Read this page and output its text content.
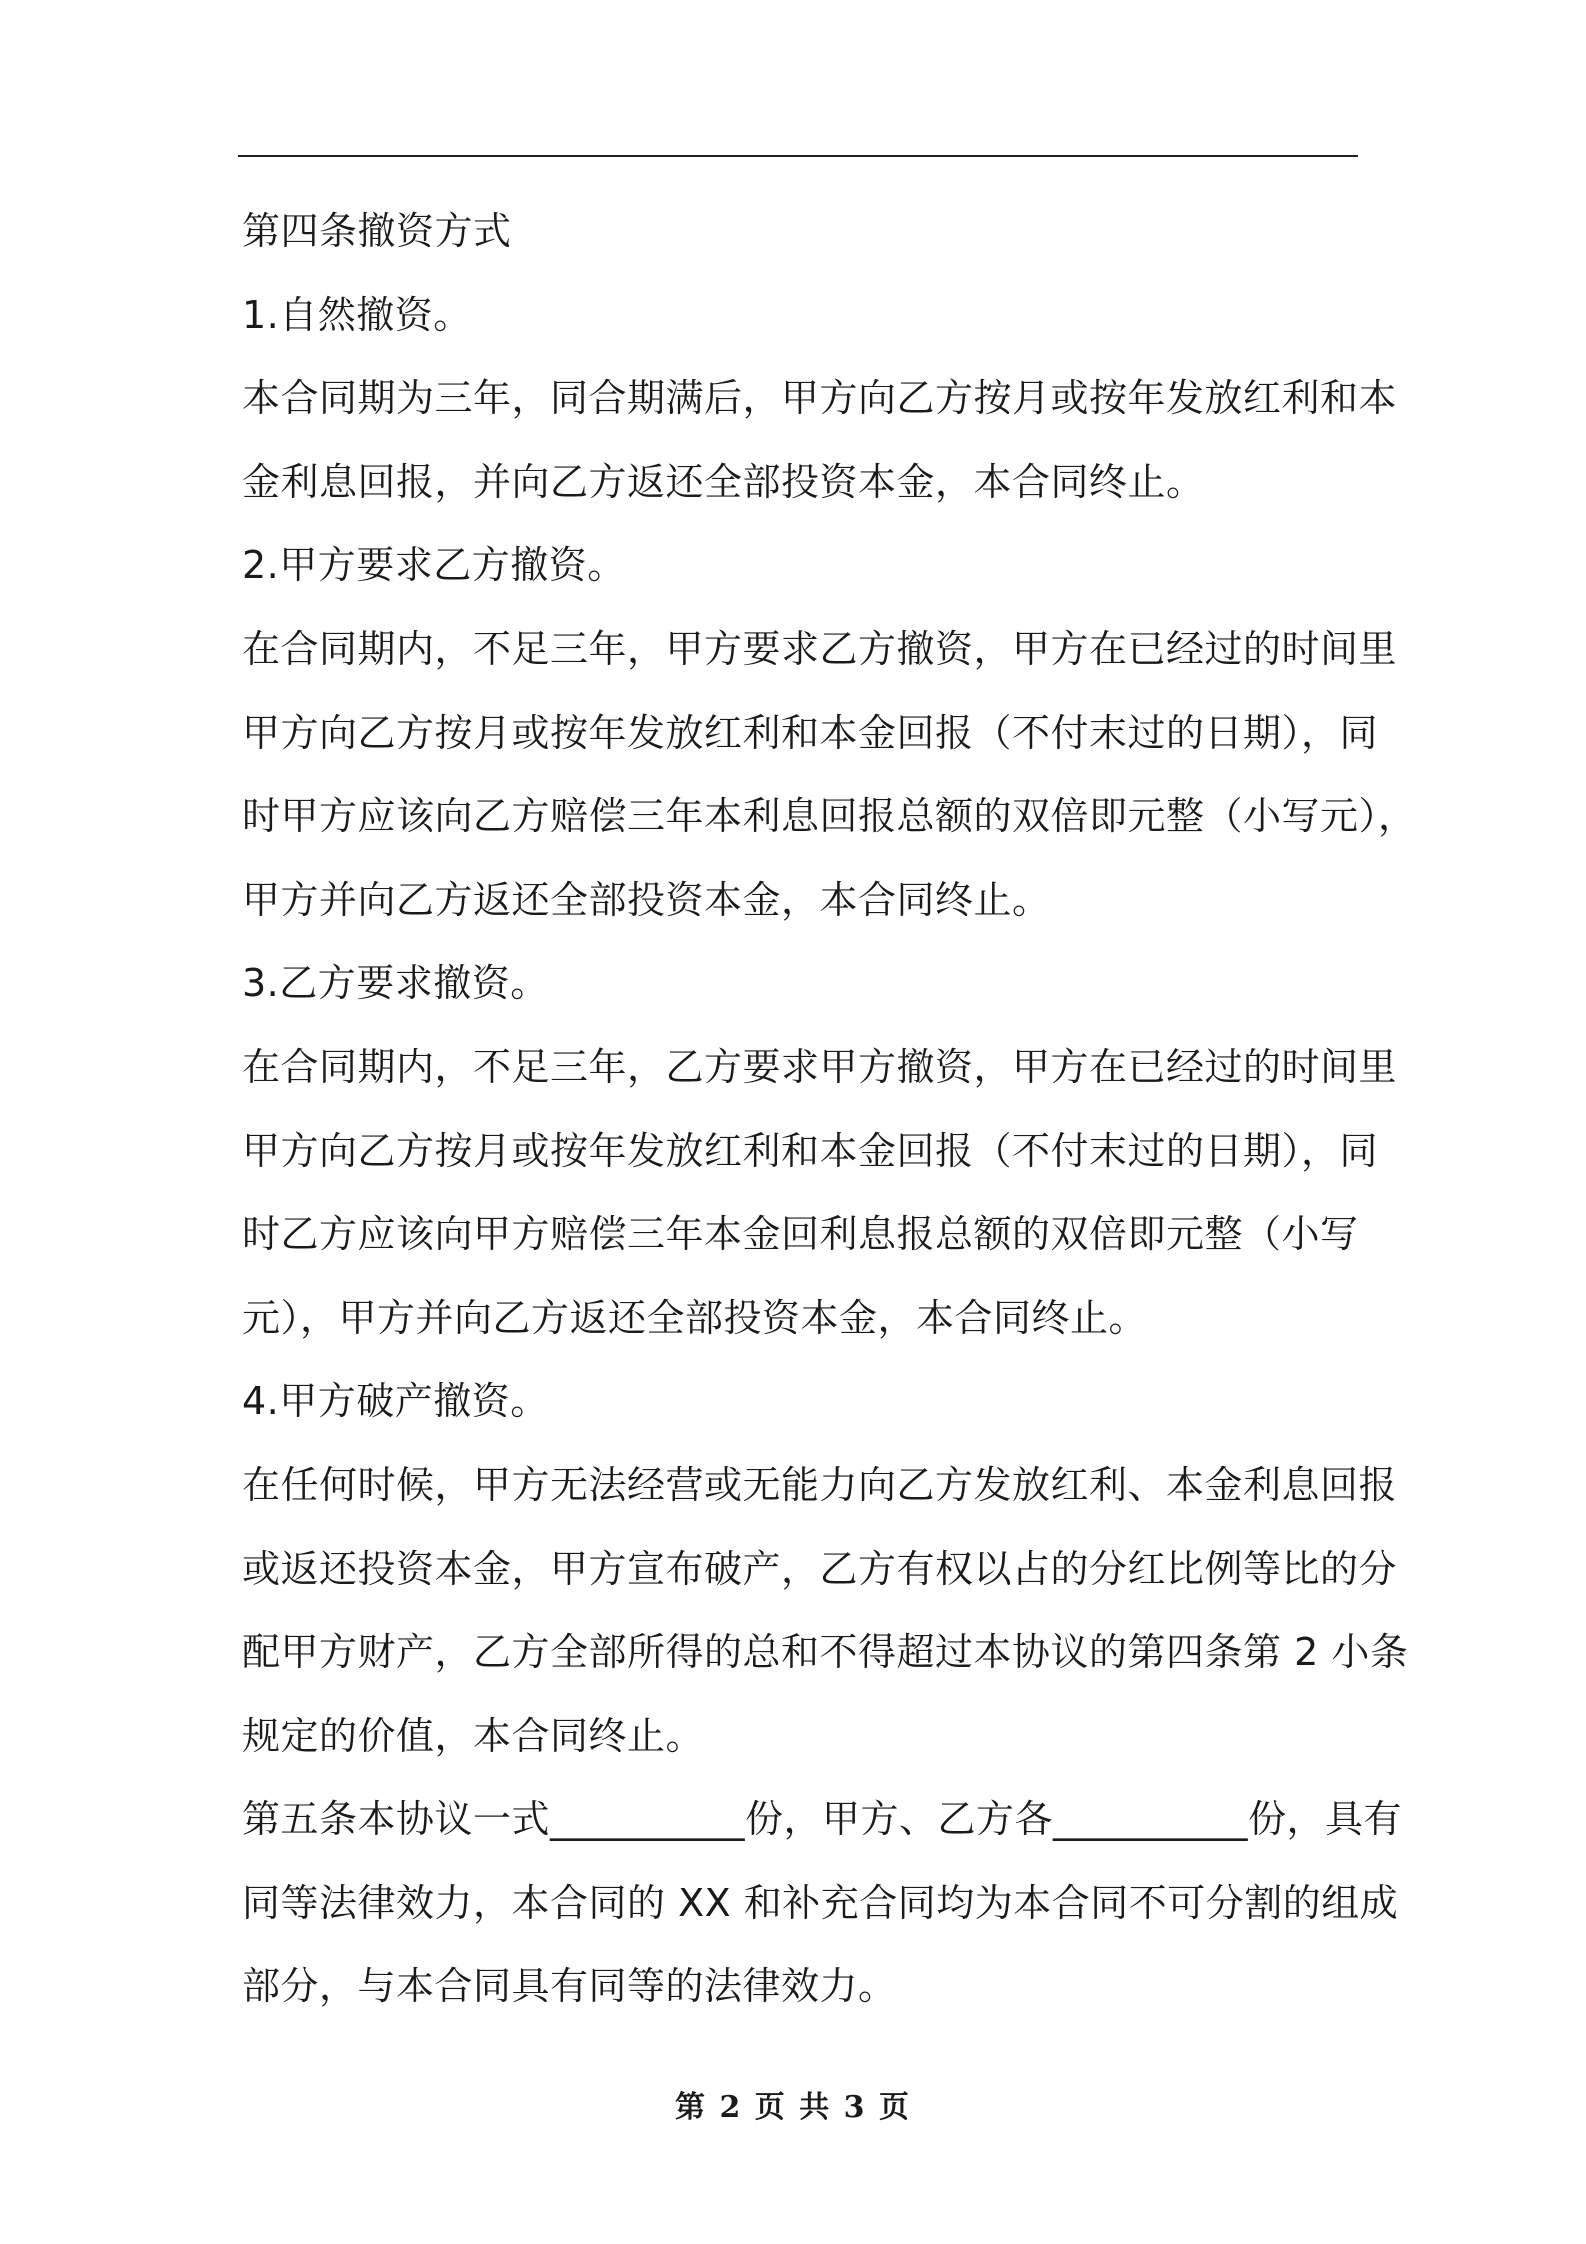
第四条撤资方式
1.自然撤资。
本合同期为三年，同合期满后，甲方向乙方按月或按年发放红利和本
金利息回报，并向乙方返还全部投资本金，本合同终止。
2.甲方要求乙方撤资。
在合同期内，不足三年，甲方要求乙方撤资，甲方在已经过的时间里
甲方向乙方按月或按年发放红利和本金回报（不付末过的日期），同
时甲方应该向乙方赔偿三年本利息回报总额的双倍即元整（小写元），
甲方并向乙方返还全部投资本金，本合同终止。
3.乙方要求撤资。
在合同期内，不足三年，乙方要求甲方撤资，甲方在已经过的时间里
甲方向乙方按月或按年发放红利和本金回报（不付末过的日期），同
时乙方应该向甲方赔偿三年本金回利息报总额的双倍即元整（小写
元），甲方并向乙方返还全部投资本金，本合同终止。
4.甲方破产撤资。
在任何时候，甲方无法经营或无能力向乙方发放红利、本金利息回报
或返还投资本金，甲方宣布破产，乙方有权以占的分红比例等比的分
配甲方财产，乙方全部所得的总和不得超过本协议的第四条第 2 小条
规定的价值，本合同终止。
第五条本协议一式__________份，甲方、乙方各__________份，具有
同等法律效力，本合同的 XX 和补充合同均为本合同不可分割的组成
部分，与本合同具有同等的法律效力。
第 2 页 共 3 页
